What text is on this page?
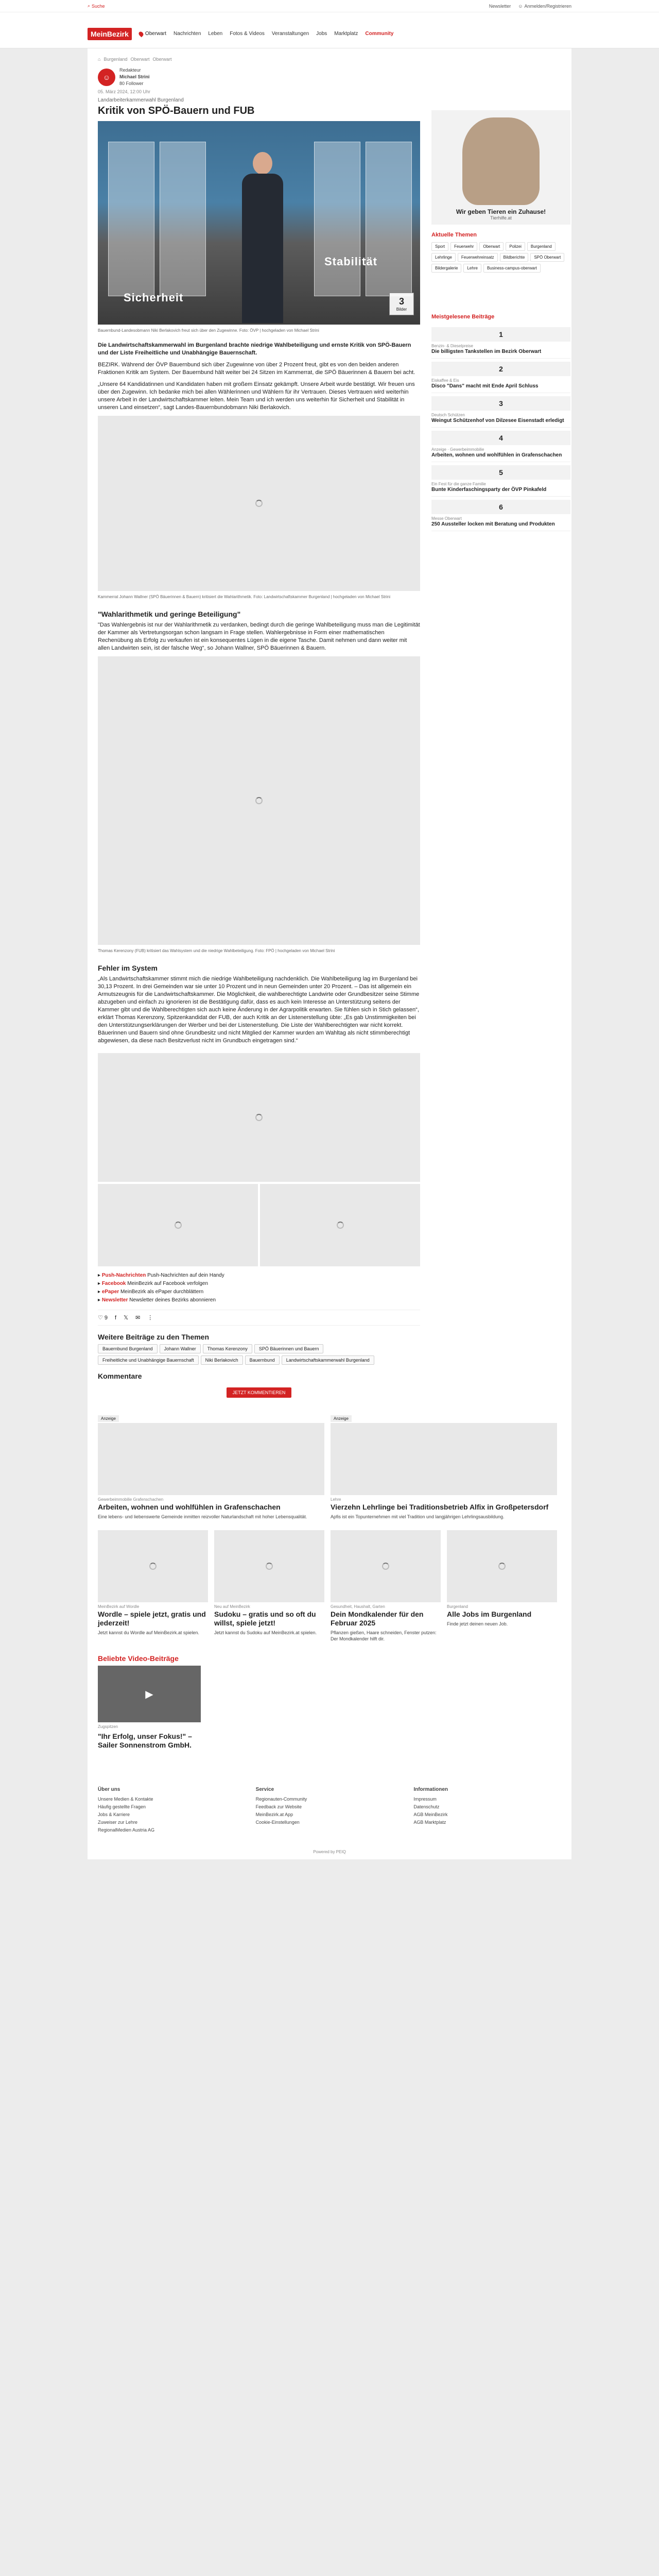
⌕ Suche	Newsletter ☺ Anmelden/Registrieren
MeinBezirk	Oberwart Nachrichten Leben Fotos & Videos Veranstaltungen Jobs Marktplatz Community
⌂ Burgenland Oberwart Oberwart
☺
Redakteur
Michael Strini
80 Follower
05. März 2024, 12:00 Uhr
Landarbeiterkammerwahl Burgenland
Kritik von SPÖ-Bauern und FUB
Sicherheit
Stabilität
3
Bilder
Bauernbund-Landesobmann Niki Berlakovich freut sich über den Zugewinne. Foto: ÖVP | hochgeladen von Michael Strini
Die Landwirtschaftskammerwahl im Burgenland brachte niedrige Wahlbeteiligung und ernste Kritik von SPÖ-Bauern und der Liste Freiheitliche und Unabhängige Bauernschaft.

BEZIRK. Während der ÖVP Bauernbund sich über Zugewinne von über 2 Prozent freut, gibt es von den beiden anderen Fraktionen Kritik am System. Der Bauernbund hält weiter bei 24 Sitzen im Kammerrat, die SPÖ Bäuerinnen & Bauern bei acht.

„Unsere 64 Kandidatinnen und Kandidaten haben mit großem Einsatz gekämpft. Unsere Arbeit wurde bestätigt. Wir freuen uns über den Zugewinn. Ich bedanke mich bei allen Wählerinnen und Wählern für ihr Vertrauen. Dieses Vertrauen wird weiterhin unsere Arbeit in der Landwirtschaftskammer leiten. Mein Team und ich werden uns weiterhin für Sicherheit und Stabilität in unseren Land einsetzen“, sagt Landes-Bauernbundobmann Niki Berlakovich.

Kammerrat Johann Wallner (SPÖ Bäuerinnen & Bauern) kritisiert die Wahlarithmetik. Foto: Landwirtschaftskammer Burgenland | hochgeladen von Michael Strini
"Wahlarithmetik und geringe Beteiligung"

"Das Wahlergebnis ist nur der Wahlarithmetik zu verdanken, bedingt durch die geringe Wahlbeteiligung muss man die Legitimität der Kammer als Vertretungsorgan schon langsam in Frage stellen. Wahlergebnisse in Form einer mathematischen Rechenübung als Erfolg zu verkaufen ist ein konsequentes Lügen in die eigene Tasche. Damit nehmen und dann weiter mit allen Landwirten sein, ist der falsche Weg“, so Johann Wallner, SPÖ Bäuerinnen & Bauern.

Thomas Kerenzony (FUB) kritisiert das Wahlsystem und die niedrige Wahlbeteiligung. Foto: FPÖ | hochgeladen von Michael Strini
Fehler im System

„Als Landwirtschaftskammer stimmt mich die niedrige Wahlbeteiligung nachdenklich. Die Wahlbeteiligung lag im Burgenland bei 30,13 Prozent. In drei Gemeinden war sie unter 10 Prozent und in neun Gemeinden unter 20 Prozent. – Das ist allgemein ein Armutszeugnis für die Landwirtschaftskammer. Die Möglichkeit, die wahlberechtigte Landwirte oder Grundbesitzer seine Stimme abzugeben und einfach zu ignorieren ist die Bestätigung dafür, dass es auch kein Interesse an Unterstützung seitens der Kammer gibt und die Wahlberechtigten sich auch keine Änderung in der Agrarpolitik erwarten. Sie fühlen sich in Stich gelassen“, erklärt Thomas Kerenzony, Spitzenkandidat der FUB, der auch Kritik an der Listenerstellung übte: „Es gab Unstimmigkeiten bei den Unterstützungserklärungen der Werber und bei der Listenerstellung. Die Liste der Wahlberechtigten war nicht korrekt. Bäuerinnen und Bauern sind ohne Grundbesitz und nicht Mitglied der Kammer wurden am Wahltag als nicht stimmberechtigt abgewiesen, da diese nach Besitzverlust nicht im Grundbuch eingetragen sind.“

▸ Push-Nachrichten Push-Nachrichten auf dein Handy
▸ Facebook MeinBezirk auf Facebook verfolgen
▸ ePaper MeinBezirk als ePaper durchblättern
▸ Newsletter Newsletter deines Bezirks abonnieren
♡ 9 f 𝕏 ✉ ⋮
Weitere Beiträge zu den Themen
Bauernbund Burgenland	Johann Wallner	Thomas Kerenzony	SPÖ Bäuerinnen und Bauern
Freiheitliche und Unabhängige Bauernschaft	Niki Berlakovich	Bauernbund	Landwirtschaftskammerwahl Burgenland
Kommentare
JETZT KOMMENTIEREN
Wir geben Tieren ein Zuhause!
Tierhilfe.at
Aktuelle Themen
Sport	Feuerwehr	Oberwart	Polizei	Burgenland
Lehrlinge	Feuerwehreinsatz	Bildberichte	SPÖ Oberwart
Bildergalerie	Lehre	Business-campus-oberwart
Meistgelesene Beiträge
1
Benzin- & Dieselpreise
Die billigsten Tankstellen im Bezirk Oberwart
2
Eiskaffee & Eis
Disco "Dans" macht mit Ende April Schluss
3
Deutsch Schützen
Weingut Schützenhof von Dilzesee Eisenstadt erledigt
4
Anzeige · Gewerbeimmobilie
Arbeiten, wohnen und wohlfühlen in Grafenschachen
5
Ein Fest für die ganze Familie
Bunte Kinderfaschingsparty der ÖVP Pinkafeld
6
Messe Oberwart
250 Aussteller locken mit Beratung und Produkten
Anzeige
Gewerbeimmobilie Grafenschachen
Arbeiten, wohnen und wohlfühlen in Grafenschachen
Eine lebens- und liebenswerte Gemeinde inmitten reizvoller Naturlandschaft mit hoher Lebensqualität.
Anzeige
Lehre
Vierzehn Lehrlinge bei Traditionsbetrieb Alfix in Großpetersdorf
Apfis ist ein Topunternehmen mit viel Tradition und langjährigen Lehrlingsausbildung.
MeinBezirk auf Wordle
Wordle – spiele jetzt, gratis und jederzeit!
Jetzt kannst du Wordle auf MeinBezirk.at spielen.
Neu auf MeinBezirk
Sudoku – gratis und so oft du willst, spiele jetzt!
Jetzt kannst du Sudoku auf MeinBezirk.at spielen.
Gesundheit, Haushalt, Garten
Dein Mondkalender für den Februar 2025
Pflanzen gießen, Haare schneiden, Fenster putzen: Der Mondkalender hilft dir.
Burgenland
Alle Jobs im Burgenland
Finde jetzt deinen neuen Job.
Beliebte Video-Beiträge
▶
Zugspitzen
"Ihr Erfolg, unser Fokus!" – Sailer Sonnenstrom GmbH.
Über uns
Unsere Medien & Kontakte
Häufig gestellte Fragen
Jobs & Karriere
Zuweiser zur Lehre
RegionalMedien Austria AG
Service
Regionauten-Community
Feedback zur Website
MeinBezirk.at App
Cookie-Einstellungen
Informationen
Impressum
Datenschutz
AGB MeinBezirk
AGB Marktplatz
Powered by PEIQ
